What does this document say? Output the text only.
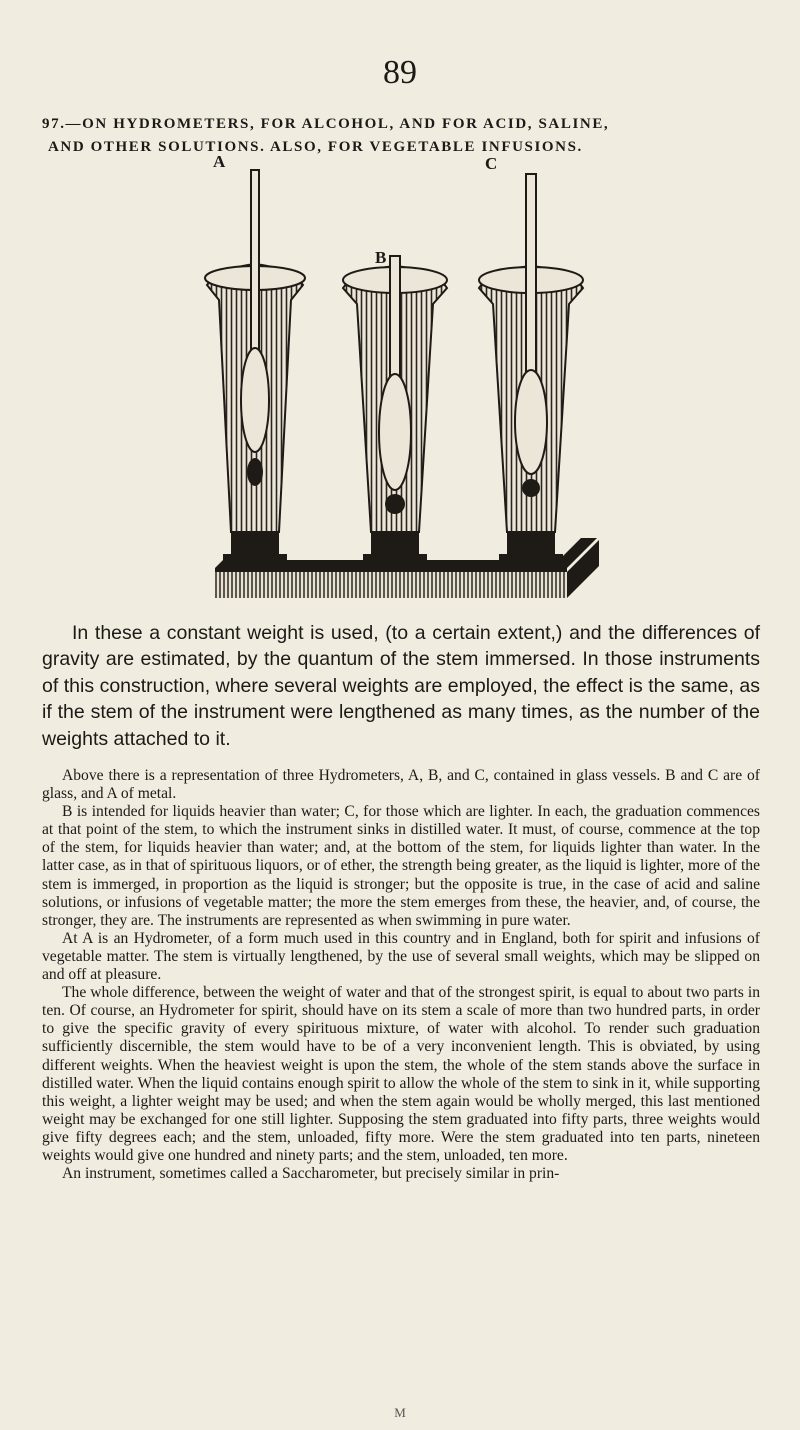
89
97.—ON HYDROMETERS, FOR ALCOHOL, AND FOR ACID, SALINE,
AND OTHER SOLUTIONS. ALSO, FOR VEGETABLE INFUSIONS.
A
B
C

In these a constant weight is used, (to a certain extent,) and the differences of gravity are estimated, by the quantum of the stem immersed. In those instruments of this construction, where several weights are employed, the effect is the same, as if the stem of the instrument were lengthened as many times, as the number of the weights attached to it.

Above there is a representation of three Hydrometers, A, B, and C, contained in glass vessels. B and C are of glass, and A of metal.

B is intended for liquids heavier than water; C, for those which are lighter. In each, the graduation commences at that point of the stem, to which the instrument sinks in distilled water. It must, of course, commence at the top of the stem, for liquids heavier than water; and, at the bottom of the stem, for liquids lighter than water. In the latter case, as in that of spirituous liquors, or of ether, the strength being greater, as the liquid is lighter, more of the stem is immerged, in proportion as the liquid is stronger; but the opposite is true, in the case of acid and saline solutions, or infusions of vegetable matter; the more the stem emerges from these, the heavier, and, of course, the stronger, they are. The instruments are represented as when swimming in pure water.

At A is an Hydrometer, of a form much used in this country and in England, both for spirit and infusions of vegetable matter. The stem is virtually lengthened, by the use of several small weights, which may be slipped on and off at pleasure.

The whole difference, between the weight of water and that of the strongest spirit, is equal to about two parts in ten. Of course, an Hydrometer for spirit, should have on its stem a scale of more than two hundred parts, in order to give the specific gravity of every spirituous mixture, of water with alcohol. To render such graduation sufficiently discernible, the stem would have to be of a very inconvenient length. This is obviated, by using different weights. When the heaviest weight is upon the stem, the whole of the stem stands above the surface in distilled water. When the liquid contains enough spirit to allow the whole of the stem to sink in it, while supporting this weight, a lighter weight may be used; and when the stem again would be wholly merged, this last mentioned weight may be exchanged for one still lighter. Supposing the stem graduated into fifty parts, three weights would give fifty degrees each; and the stem, unloaded, fifty more. Were the stem graduated into ten parts, nineteen weights would give one hundred and ninety parts; and the stem, unloaded, ten more.

An instrument, sometimes called a Saccharometer, but precisely similar in prin-

M
